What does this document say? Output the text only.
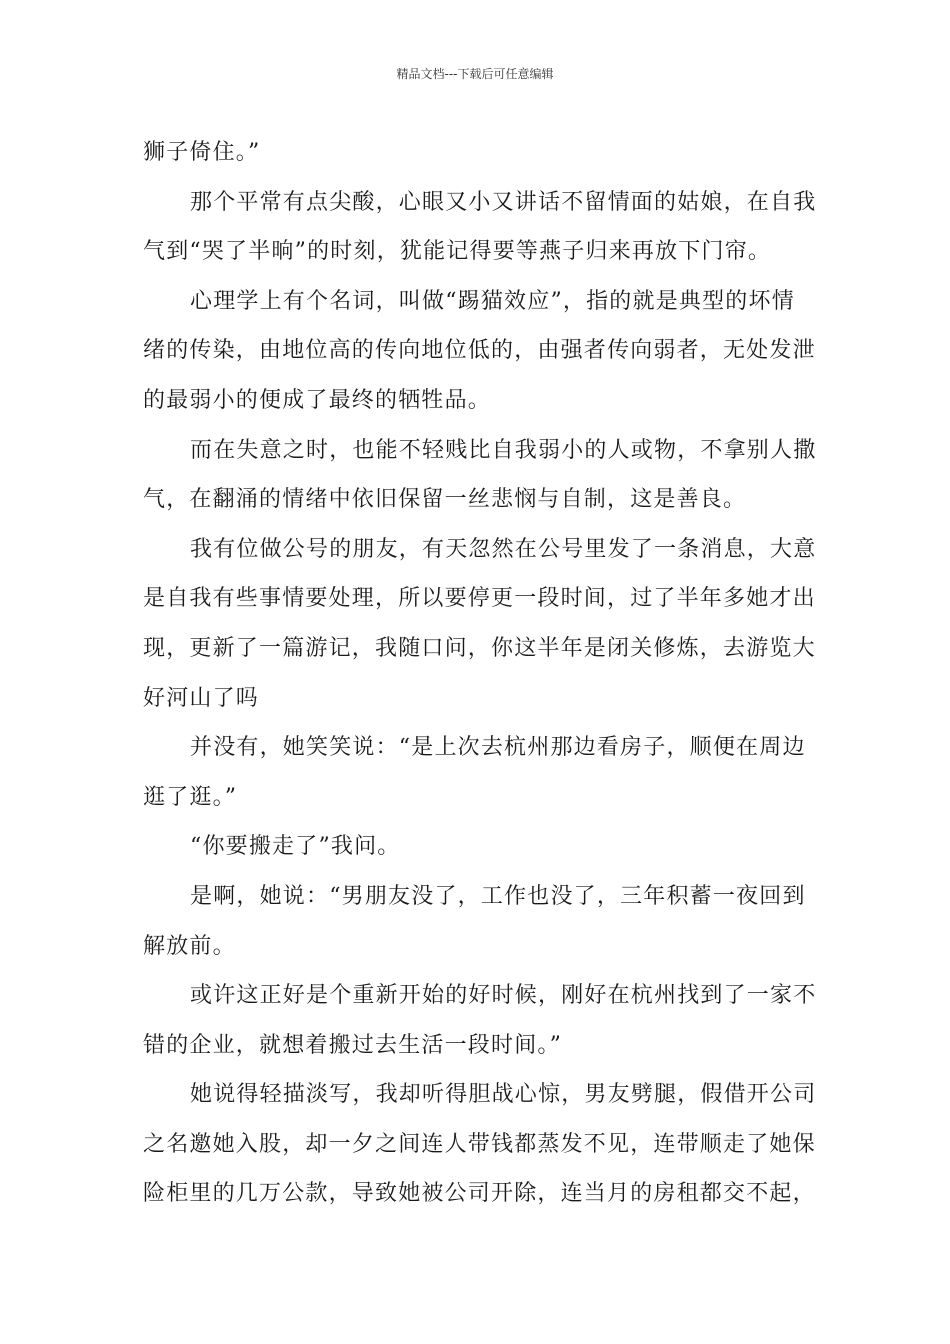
精品文档---下载后可任意编辑
狮子倚住。”
那个平常有点尖酸，心眼又小又讲话不留情面的姑娘，在自我
气到“哭了半晌”的时刻，犹能记得要等燕子归来再放下门帘。
心理学上有个名词，叫做“踢猫效应”，指的就是典型的坏情
绪的传染，由地位高的传向地位低的，由强者传向弱者，无处发泄
的最弱小的便成了最终的牺牲品。
而在失意之时，也能不轻贱比自我弱小的人或物，不拿别人撒
气，在翻涌的情绪中依旧保留一丝悲悯与自制，这是善良。
我有位做公号的朋友，有天忽然在公号里发了一条消息，大意
是自我有些事情要处理，所以要停更一段时间，过了半年多她才出
现，更新了一篇游记，我随口问，你这半年是闭关修炼，去游览大
好河山了吗
并没有，她笑笑说：“是上次去杭州那边看房子，顺便在周边
逛了逛。”
“你要搬走了”我问。
是啊，她说：“男朋友没了，工作也没了，三年积蓄一夜回到
解放前。
或许这正好是个重新开始的好时候，刚好在杭州找到了一家不
错的企业，就想着搬过去生活一段时间。”
她说得轻描淡写，我却听得胆战心惊，男友劈腿，假借开公司
之名邀她入股，却一夕之间连人带钱都蒸发不见，连带顺走了她保
险柜里的几万公款，导致她被公司开除，连当月的房租都交不起，
